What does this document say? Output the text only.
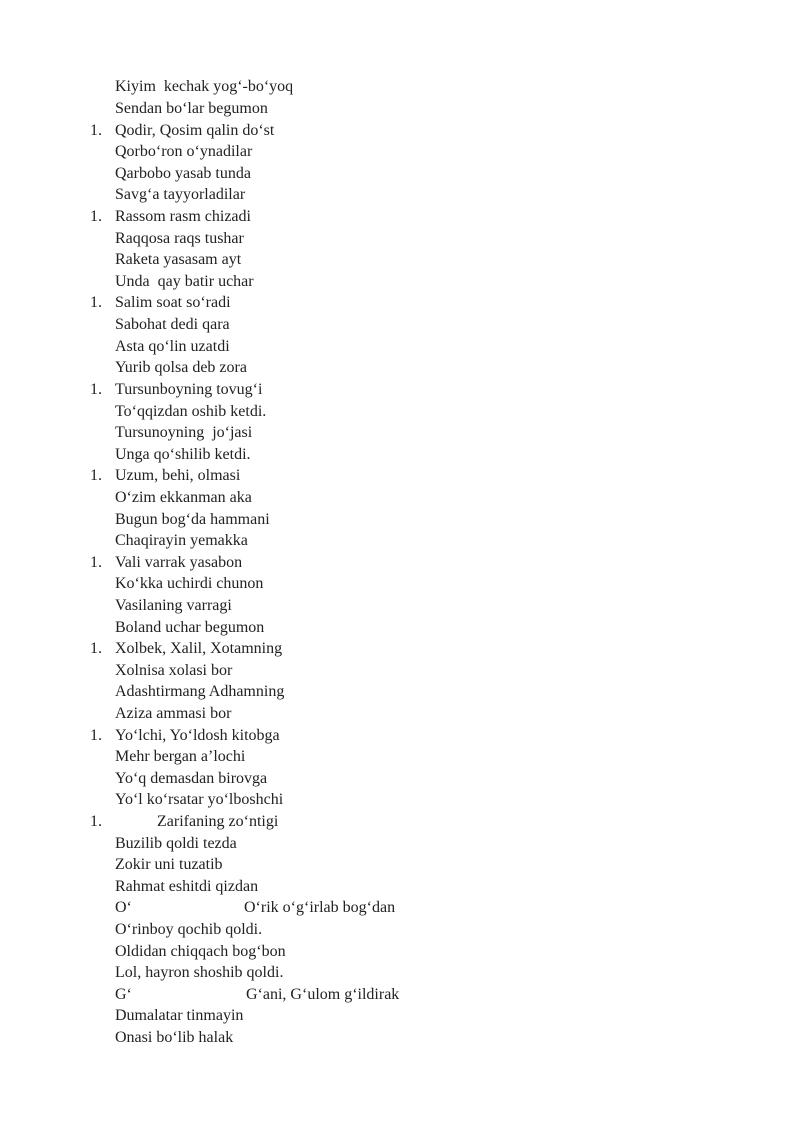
Kiyim  kechak yog‘-bo‘yoq
Sendan bo‘lar begumon
1. Qodir, Qosim qalin do‘st
Qorbo‘ron o‘ynadilar
Qarbobo yasab tunda
Savg‘a tayyorladilar
1. Rassom rasm chizadi
Raqqosa raqs tushar
Raketa yasasam ayt
Unda  qay batir uchar
1. Salim soat so‘radi
Sabohat dedi qara
Asta qo‘lin uzatdi
Yurib qolsa deb zora
1. Tursunboyning tovug‘i
To‘qqizdan oshib ketdi.
Tursunoyning  jo‘jasi
Unga qo‘shilib ketdi.
1. Uzum, behi, olmasi
O‘zim ekkanman aka
Bugun bog‘da hammani
Chaqirayin yemakka
1. Vali varrak yasabon
Ko‘kka uchirdi chunon
Vasilaning varragi
Boland uchar begumon
1. Xolbek, Xalil, Xotamning
Xolnisa xolasi bor
Adashtirmang Adhamning
Aziza ammasi bor
1. Yo‘lchi, Yo‘ldosh kitobga
Mehr bergan a’lochi
Yo‘q demasdan birovga
Yo‘l ko‘rsatar yo‘lboshchi
1.	Zarifaning zo‘ntigi
Buzilib qoldi tezda
Zokir uni tuzatib
Rahmat eshitdi qizdan
O‘	O‘rik o‘g‘irlab bog‘dan
O‘rinboy qochib qoldi.
Oldidan chiqqach bog‘bon
Lol, hayron shoshib qoldi.
G‘	G‘ani, G‘ulom g‘ildirak
Dumalatar tinmayin
Onasi bo‘lib halak
